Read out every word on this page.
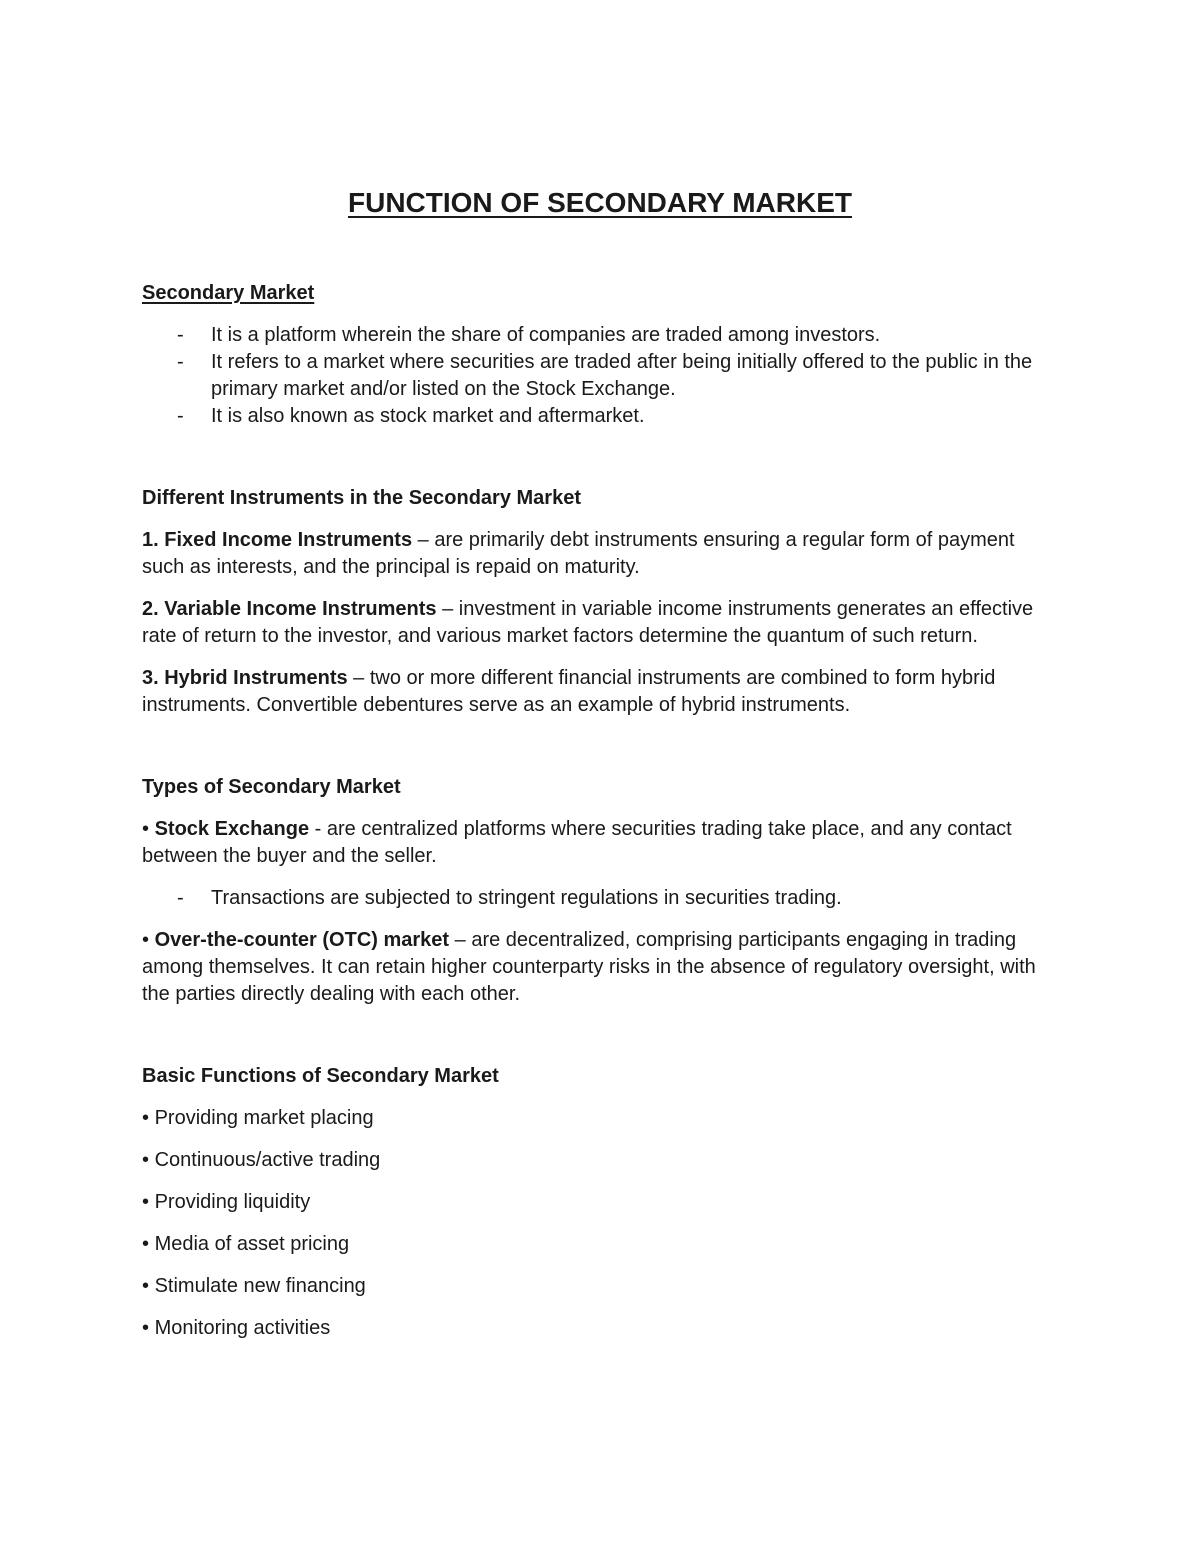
FUNCTION OF SECONDARY MARKET
Secondary Market
- It is a platform wherein the share of companies are traded among investors.
- It refers to a market where securities are traded after being initially offered to the public in the primary market and/or listed on the Stock Exchange.
- It is also known as stock market and aftermarket.
Different Instruments in the Secondary Market

1. Fixed Income Instruments – are primarily debt instruments ensuring a regular form of payment such as interests, and the principal is repaid on maturity.

2. Variable Income Instruments – investment in variable income instruments generates an effective rate of return to the investor, and various market factors determine the quantum of such return.

3. Hybrid Instruments – two or more different financial instruments are combined to form hybrid instruments. Convertible debentures serve as an example of hybrid instruments.

Types of Secondary Market

• Stock Exchange - are centralized platforms where securities trading take place, and any contact between the buyer and the seller.

- Transactions are subjected to stringent regulations in securities trading.

• Over-the-counter (OTC) market – are decentralized, comprising participants engaging in trading among themselves. It can retain higher counterparty risks in the absence of regulatory oversight, with the parties directly dealing with each other.

Basic Functions of Secondary Market

• Providing market placing

• Continuous/active trading

• Providing liquidity

• Media of asset pricing

• Stimulate new financing

• Monitoring activities
